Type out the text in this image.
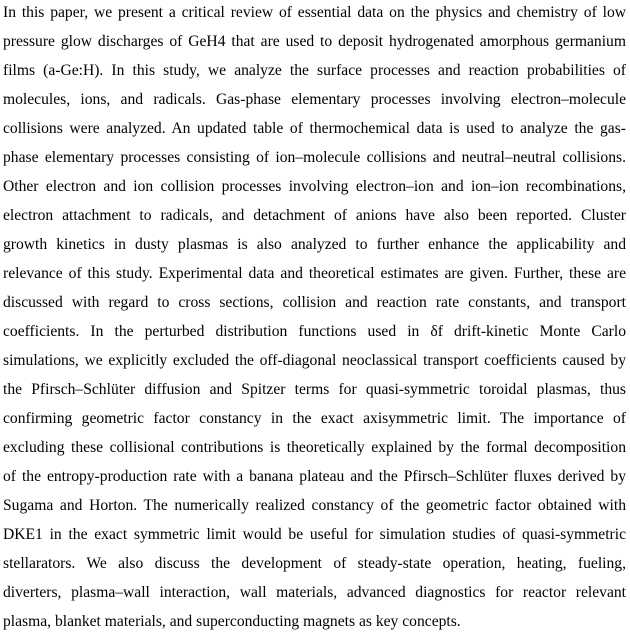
In this paper, we present a critical review of essential data on the physics and chemistry of low
pressure glow discharges of GeH4 that are used to deposit hydrogenated amorphous germanium
films (a-Ge:H). In this study, we analyze the surface processes and reaction probabilities of
molecules, ions, and radicals. Gas-phase elementary processes involving electron–molecule
collisions were analyzed. An updated table of thermochemical data is used to analyze the gas-
phase elementary processes consisting of ion–molecule collisions and neutral–neutral collisions.
Other electron and ion collision processes involving electron–ion and ion–ion recombinations,
electron attachment to radicals, and detachment of anions have also been reported. Cluster
growth kinetics in dusty plasmas is also analyzed to further enhance the applicability and
relevance of this study. Experimental data and theoretical estimates are given. Further, these are
discussed with regard to cross sections, collision and reaction rate constants, and transport
coefficients. In the perturbed distribution functions used in δf drift-kinetic Monte Carlo
simulations, we explicitly excluded the off-diagonal neoclassical transport coefficients caused by
the Pfirsch–Schlüter diffusion and Spitzer terms for quasi-symmetric toroidal plasmas, thus
confirming geometric factor constancy in the exact axisymmetric limit. The importance of
excluding these collisional contributions is theoretically explained by the formal decomposition
of the entropy-production rate with a banana plateau and the Pfirsch–Schlüter fluxes derived by
Sugama and Horton. The numerically realized constancy of the geometric factor obtained with
DKE1 in the exact symmetric limit would be useful for simulation studies of quasi-symmetric
stellarators. We also discuss the development of steady-state operation, heating, fueling,
diverters, plasma–wall interaction, wall materials, advanced diagnostics for reactor relevant
plasma, blanket materials, and superconducting magnets as key concepts.
